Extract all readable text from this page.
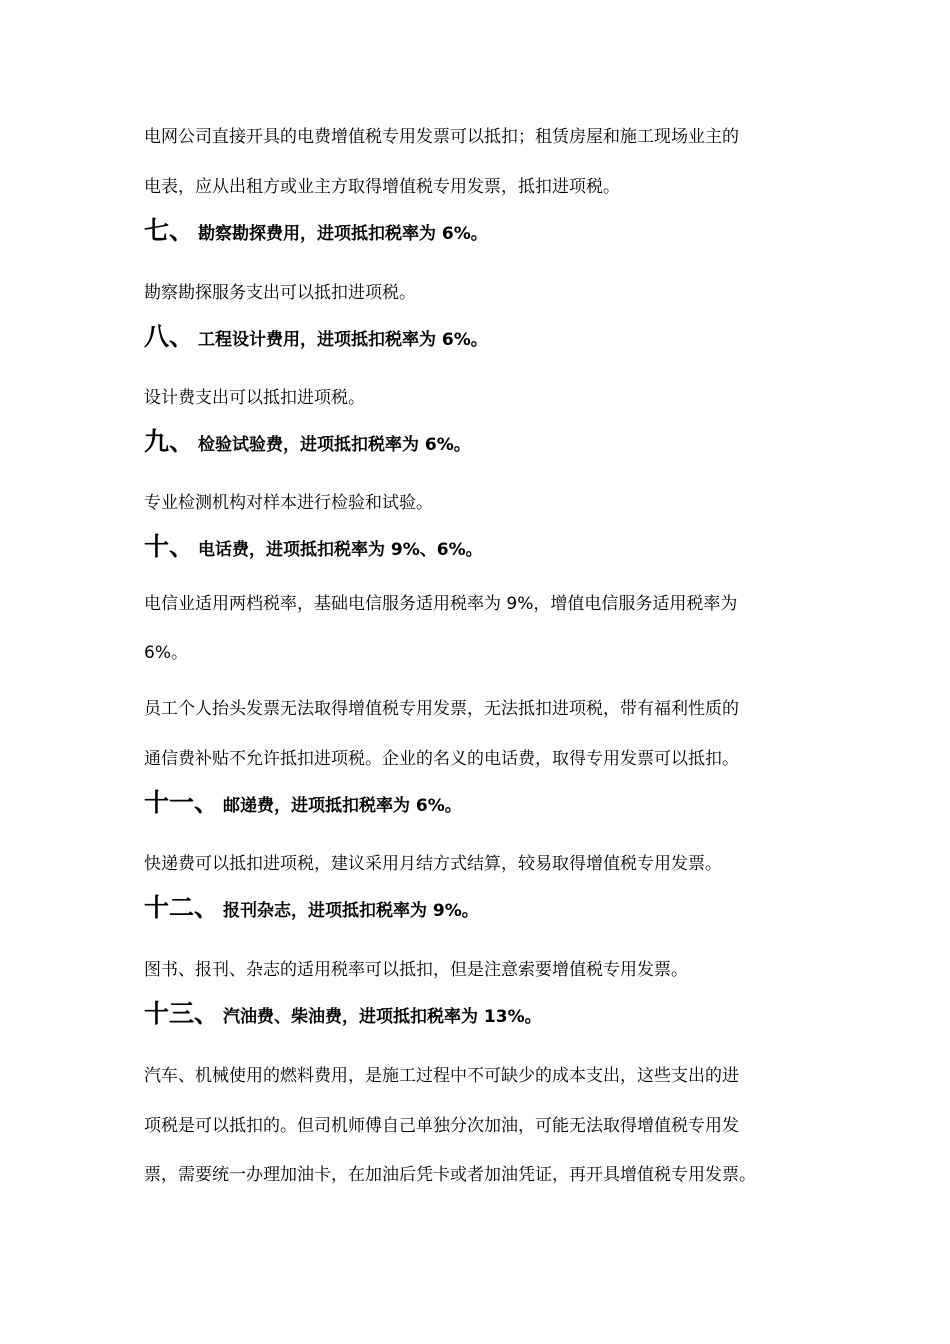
电网公司直接开具的电费增值税专用发票可以抵扣；租赁房屋和施工现场业主的
电表，应从出租方或业主方取得增值税专用发票，抵扣进项税。
七、 勘察勘探费用，进项抵扣税率为 6%。
勘察勘探服务支出可以抵扣进项税。
八、 工程设计费用，进项抵扣税率为 6%。
设计费支出可以抵扣进项税。
九、 检验试验费，进项抵扣税率为 6%。
专业检测机构对样本进行检验和试验。
十、 电话费，进项抵扣税率为 9%、6%。
电信业适用两档税率，基础电信服务适用税率为 9%，增值电信服务适用税率为
6%。
员工个人抬头发票无法取得增值税专用发票，无法抵扣进项税，带有福利性质的
通信费补贴不允许抵扣进项税。企业的名义的电话费，取得专用发票可以抵扣。
十一、 邮递费，进项抵扣税率为 6%。
快递费可以抵扣进项税，建议采用月结方式结算，较易取得增值税专用发票。
十二、 报刊杂志，进项抵扣税率为 9%。
图书、报刊、杂志的适用税率可以抵扣，但是注意索要增值税专用发票。
十三、 汽油费、柴油费，进项抵扣税率为 13%。
汽车、机械使用的燃料费用，是施工过程中不可缺少的成本支出，这些支出的进
项税是可以抵扣的。但司机师傅自己单独分次加油，可能无法取得增值税专用发
票，需要统一办理加油卡，在加油后凭卡或者加油凭证，再开具增值税专用发票。
